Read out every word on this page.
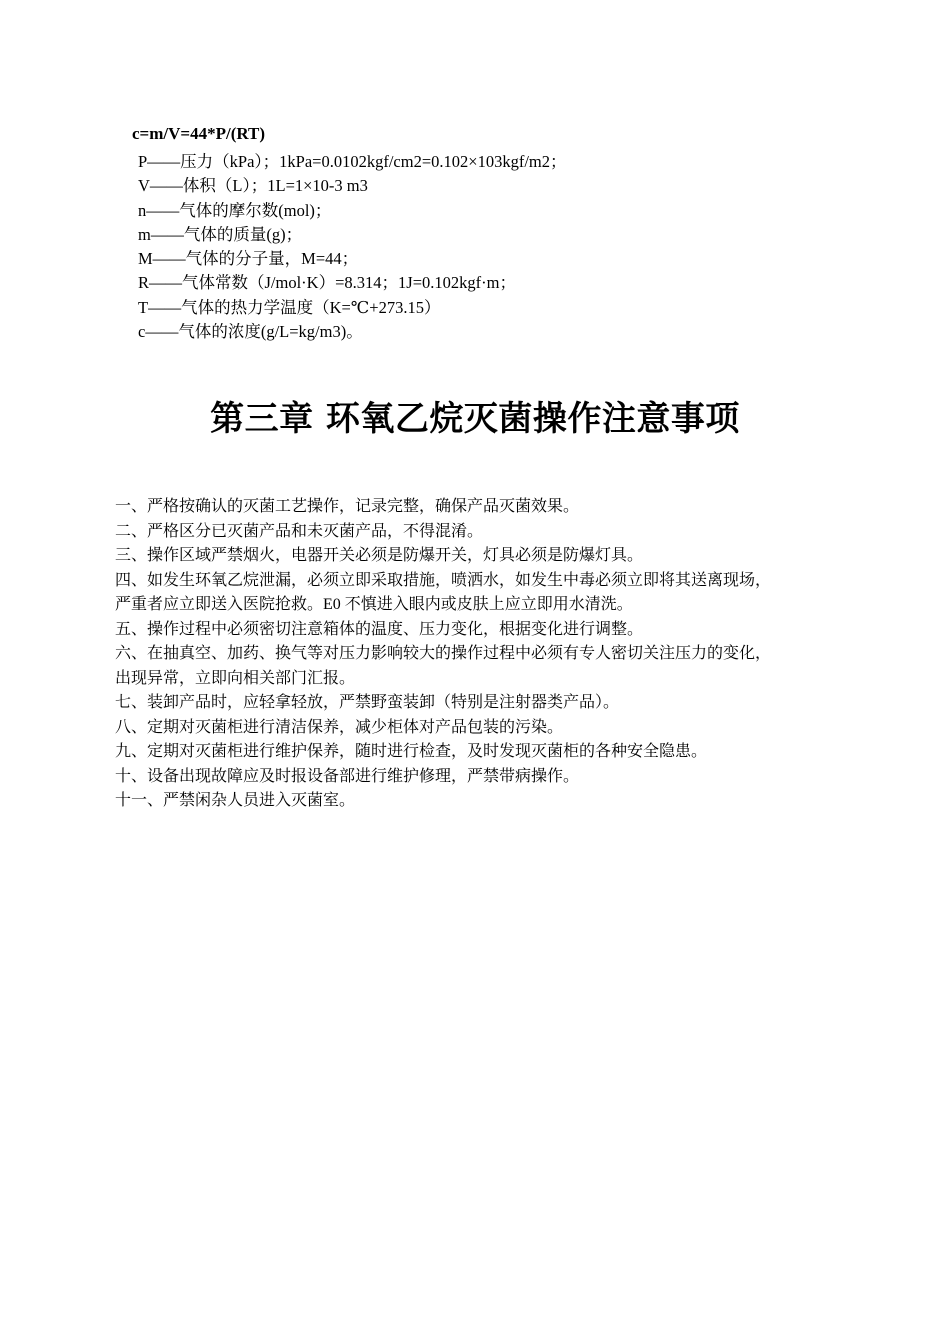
c=m/V=44*P/(RT)
P——压力（kPa）；1kPa=0.0102kgf/cm2=0.102×103kgf/m2；
V——体积（L）；1L=1×10-3 m3
n——气体的摩尔数(mol)；
m——气体的质量(g)；
M——气体的分子量，M=44；
R——气体常数（J/mol·K）=8.314；1J=0.102kgf·m；
T——气体的热力学温度（K=℃+273.15）
c——气体的浓度(g/L=kg/m3)。
第三章 环氧乙烷灭菌操作注意事项
一、严格按确认的灭菌工艺操作，记录完整，确保产品灭菌效果。
二、严格区分已灭菌产品和未灭菌产品，不得混淆。
三、操作区域严禁烟火，电器开关必须是防爆开关，灯具必须是防爆灯具。
四、如发生环氧乙烷泄漏，必须立即采取措施，喷洒水，如发生中毒必须立即将其送离现场，
严重者应立即送入医院抢救。E0 不慎进入眼内或皮肤上应立即用水清洗。
五、操作过程中必须密切注意箱体的温度、压力变化，根据变化进行调整。
六、在抽真空、加药、换气等对压力影响较大的操作过程中必须有专人密切关注压力的变化，
出现异常，立即向相关部门汇报。
七、装卸产品时，应轻拿轻放，严禁野蛮装卸（特别是注射器类产品）。
八、定期对灭菌柜进行清洁保养，减少柜体对产品包装的污染。
九、定期对灭菌柜进行维护保养，随时进行检查，及时发现灭菌柜的各种安全隐患。
十、设备出现故障应及时报设备部进行维护修理，严禁带病操作。
十一、严禁闲杂人员进入灭菌室。
